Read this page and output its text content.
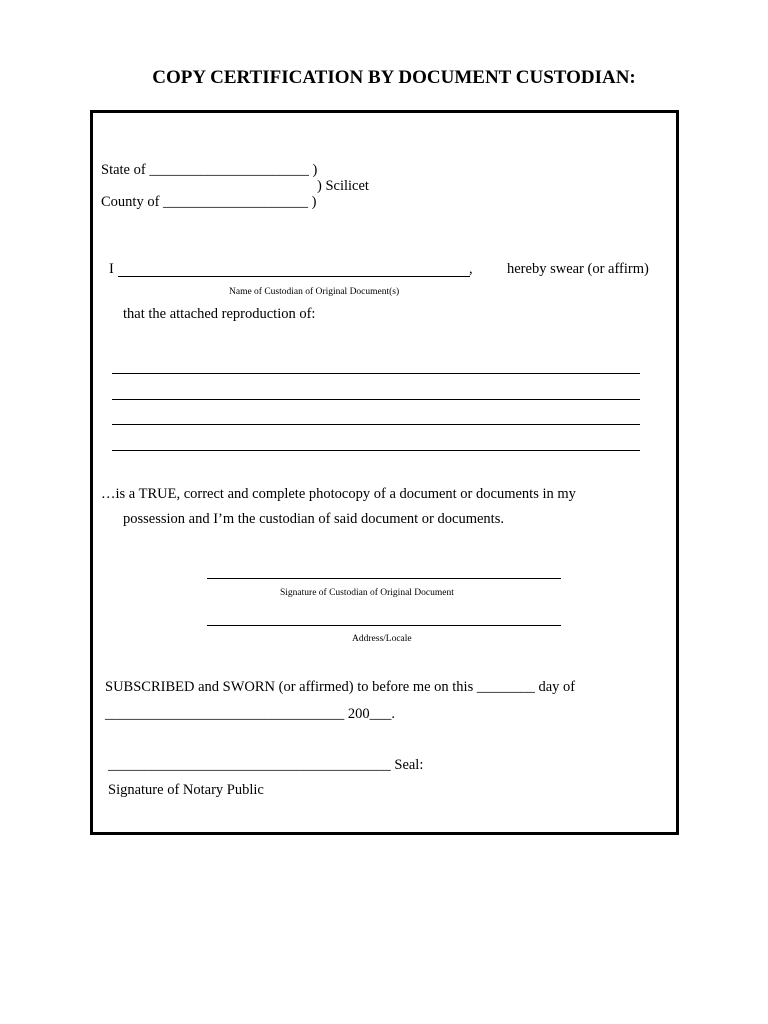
COPY CERTIFICATION BY DOCUMENT CUSTODIAN:
State of ______________________ )
) Scilicet
County of ____________________ )
I	, hereby swear (or affirm)
Name of Custodian of Original Document(s)
that the attached reproduction of:
…is a TRUE, correct and complete photocopy of a document or documents in my
possession and I’m the custodian of said document or documents.
Signature of Custodian of Original Document
Address/Locale
SUBSCRIBED and SWORN (or affirmed) to before me on this ________ day of
_________________________________ 200___.
_______________________________________ Seal:
Signature of Notary Public
